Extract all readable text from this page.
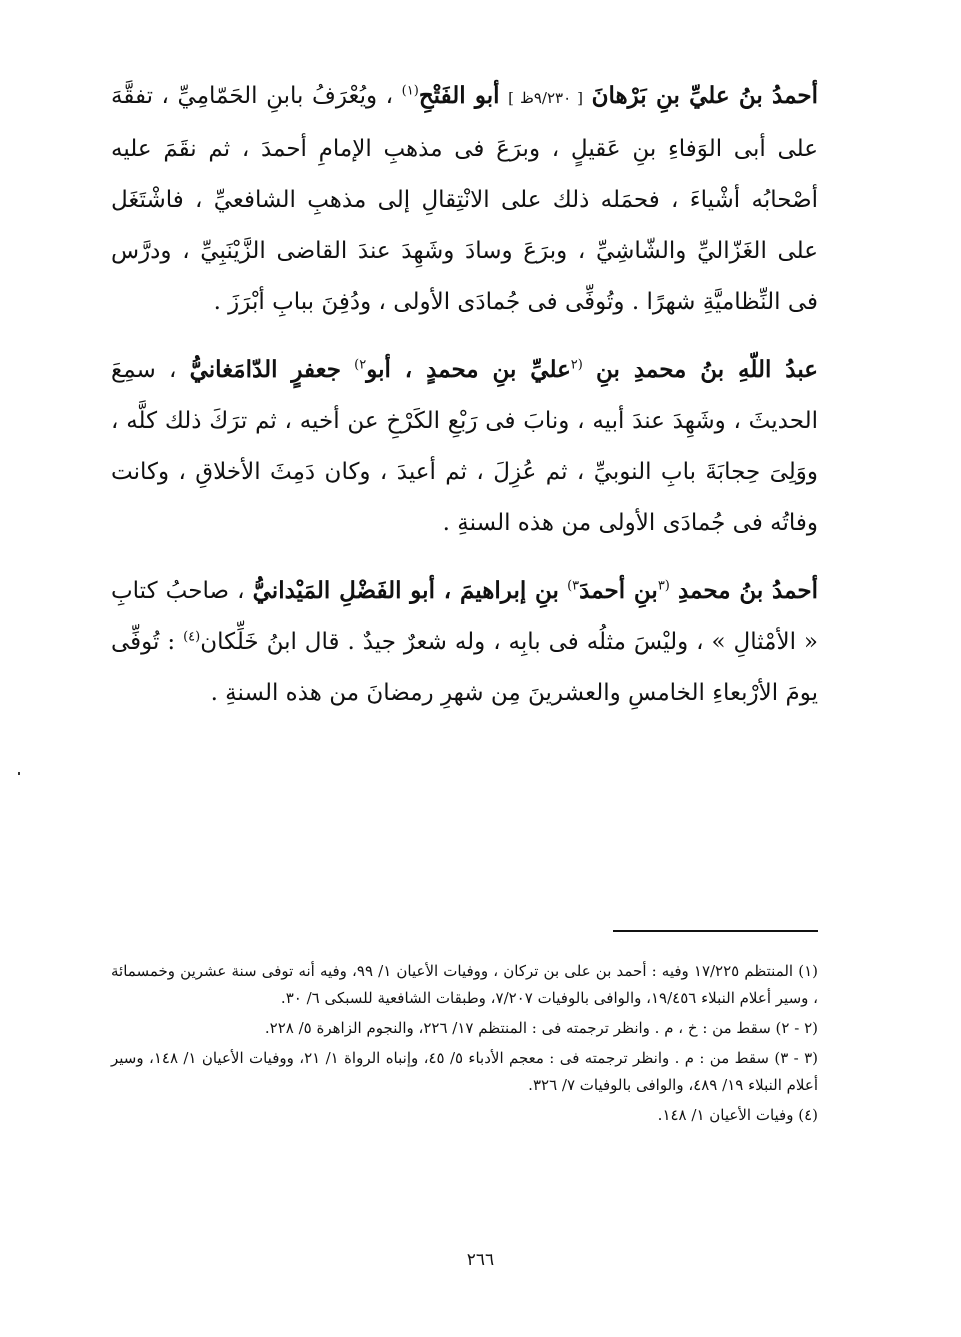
أحمدُ بنُ عليِّ بنِ بَرْهانَ [ ٩/٢٣٠ظ ] أبو الفَتْحِ$^{(١)}$ ، ويُعْرَفُ بابنِ الحَمّامِيِّ ، تفقَّهَ على أبى الوَفاءِ بنِ عَقيلٍ ، وبرَعَ فى مذهبِ الإمامِ أحمدَ ، ثم نقَمَ عليه أصْحابُه أشْياءَ ، فحمَله ذلك على الانْتِقالِ إلى مذهبِ الشافعيِّ ، فاشْتَغَل على الغَزّاليِّ والشّاشِيِّ ، وبرَعَ وسادَ وشَهِدَ عندَ القاضى الزَّيْنَبِيِّ ، ودرَّس فى النِّظاميَّةِ شهرًا . وتُوفِّى فى جُمادَى الأولى ، ودُفِنَ ببابِ أبْرَزَ .

عبدُ اللّهِ بنُ محمدِ بنِ $^{(٢}$عليِّ بنِ محمدٍ ، أبو$^{٢)}$ جعفرٍ الدّامَغانيُّ ، سمِعَ الحديثَ ، وشَهِدَ عندَ أبيه ، ونابَ فى رَبْعِ الكَرْخِ عن أخيه ، ثم ترَكَ ذلك كلَّه ، ووَلِىَ حِجابَةَ بابِ النوبيِّ ، ثم عُزِلَ ، ثم أعيدَ ، وكان دَمِثَ الأخلاقِ ، وكانت وفاتُه فى جُمادَى الأولى من هذه السنةِ .

أحمدُ بنُ محمدِ $^{(٣}$بنِ أحمدَ$^{٣)}$ بنِ إبراهيمَ ، أبو الفَضْلِ المَيْدانيُّ ، صاحبُ كتابِ « الأمْثالِ » ، وليْسَ مثلُه فى بابِه ، وله شعرٌ جيدٌ . قال ابنُ خَلِّكان$^{(٤)}$ : تُوفِّى يومَ الأرْبعاءِ الخامسِ والعشرينَ مِن شهرِ رمضانَ من هذه السنةِ .

(١) المنتظم ١٧/٢٢٥ وفيه : أحمد بن على بن تركان ، ووفيات الأعيان ١/ ٩٩، وفيه أنه توفى سنة عشرين وخمسمائة ، وسير أعلام النبلاء ١٩/٤٥٦، والوافى بالوفيات ٧/٢٠٧، وطبقات الشافعية للسبكى ٦/ ٣٠.

(٢ - ٢) سقط من : خ ، م . وانظر ترجمته فى : المنتظم ١٧/ ٢٢٦، والنجوم الزاهرة ٥/ ٢٢٨.

(٣ - ٣) سقط من : م . وانظر ترجمته فى : معجم الأدباء ٥/ ٤٥، وإنباه الرواة ١/ ٢١، ووفيات الأعيان ١/ ١٤٨، وسير أعلام النبلاء ١٩/ ٤٨٩، والوافى بالوفيات ٧/ ٣٢٦.

(٤) وفيات الأعيان ١/ ١٤٨.

٢٦٦
